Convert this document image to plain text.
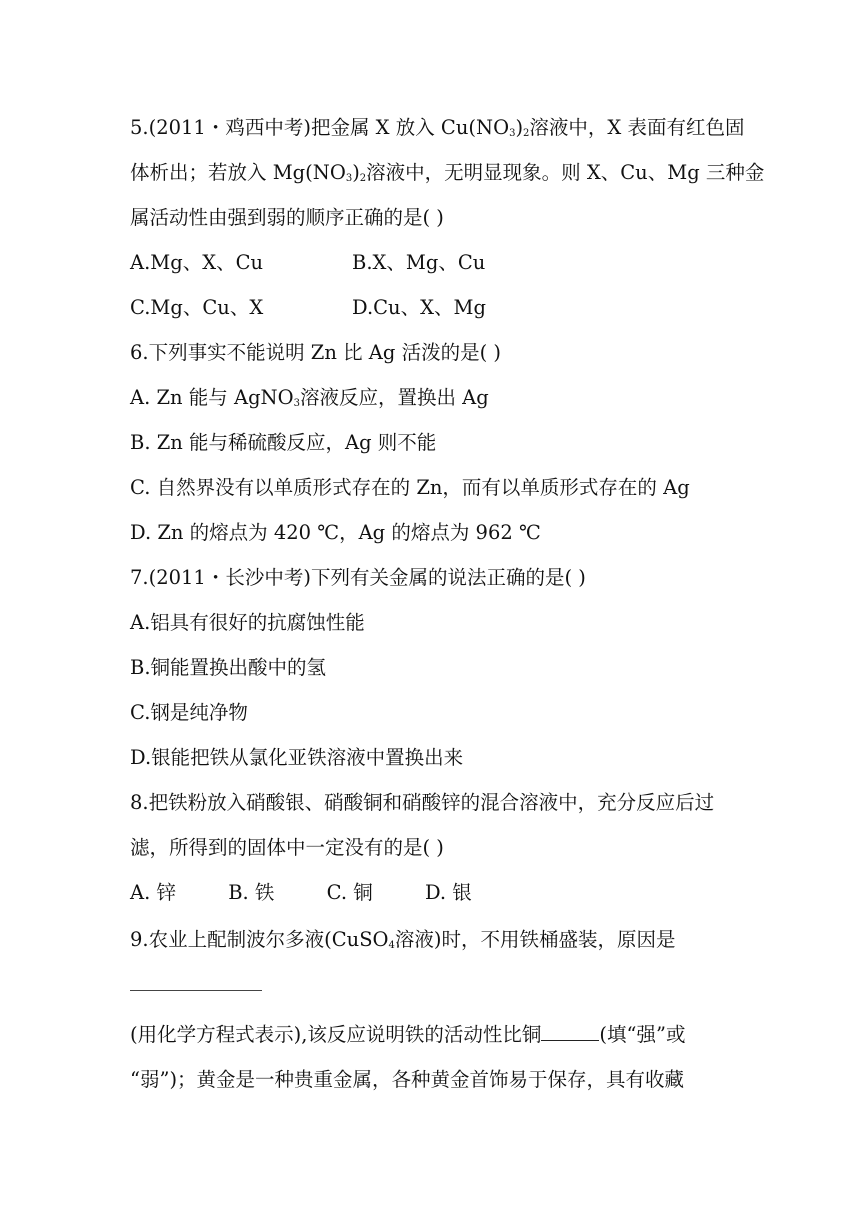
5.(2011・鸡西中考)把金属 X 放入 $Cu(NO_3)_2$溶液中，X 表面有红色固
体析出；若放入 $Mg(NO_3)_2$溶液中，无明显现象。则 X、Cu、Mg 三种金
属活动性由强到弱的顺序正确的是( )
A.Mg、X、Cu	B.X、Mg、Cu
C.Mg、Cu、X	D.Cu、X、Mg
6.下列事实不能说明 Zn 比 Ag 活泼的是( )
A. Zn 能与 AgNO$_3$溶液反应，置换出 Ag
B. Zn 能与稀硫酸反应，Ag 则不能
C. 自然界没有以单质形式存在的 Zn，而有以单质形式存在的 Ag
D. Zn 的熔点为 420 ℃，Ag 的熔点为 962 ℃
7.(2011・长沙中考)下列有关金属的说法正确的是( )
A.铝具有很好的抗腐蚀性能
B.铜能置换出酸中的氢
C.钢是纯净物
D.银能把铁从氯化亚铁溶液中置换出来
8.把铁粉放入硝酸银、硝酸铜和硝酸锌的混合溶液中，充分反应后过
滤，所得到的固体中一定没有的是( )
A. 锌	B. 铁	C. 铜	D. 银
9.农业上配制波尔多液(CuSO$_4$溶液)时，不用铁桶盛装，原因是
(用化学方程式表示),该反应说明铁的活动性比铜	(填“强”或
“弱”)；黄金是一种贵重金属，各种黄金首饰易于保存，具有收藏
